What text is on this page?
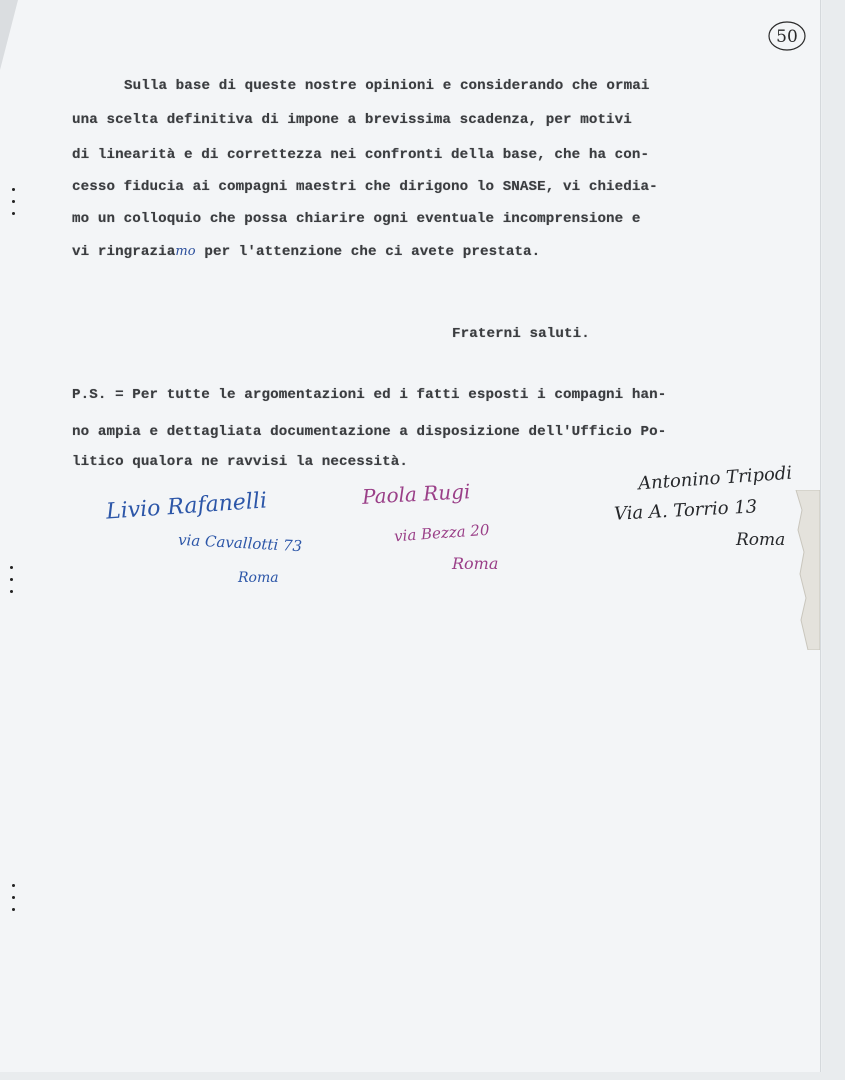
50
Sulla base di queste nostre opinioni e considerando che ormai
una scelta definitiva di impone a brevissima scadenza, per motivi
di linearità e di correttezza nei confronti della base, che ha con-
cesso fiducia ai compagni maestri che dirigono lo SNASE, vi chiedia-
mo un colloquio che possa chiarire ogni eventuale incomprensione e
vi ringraziamo per l'attenzione che ci avete prestata.
Fraterni saluti.
P.S. = Per tutte le argomentazioni ed i fatti esposti i compagni han-
no ampia e dettagliata documentazione a disposizione dell'Ufficio Po-
litico qualora ne ravvisi la necessità.
Livio Rafanelli
via Cavallotti 73
Roma
Paola Rugi
via Bezza 20
Roma
Antonino Tripodi
Via A. Torrio 13
Roma
